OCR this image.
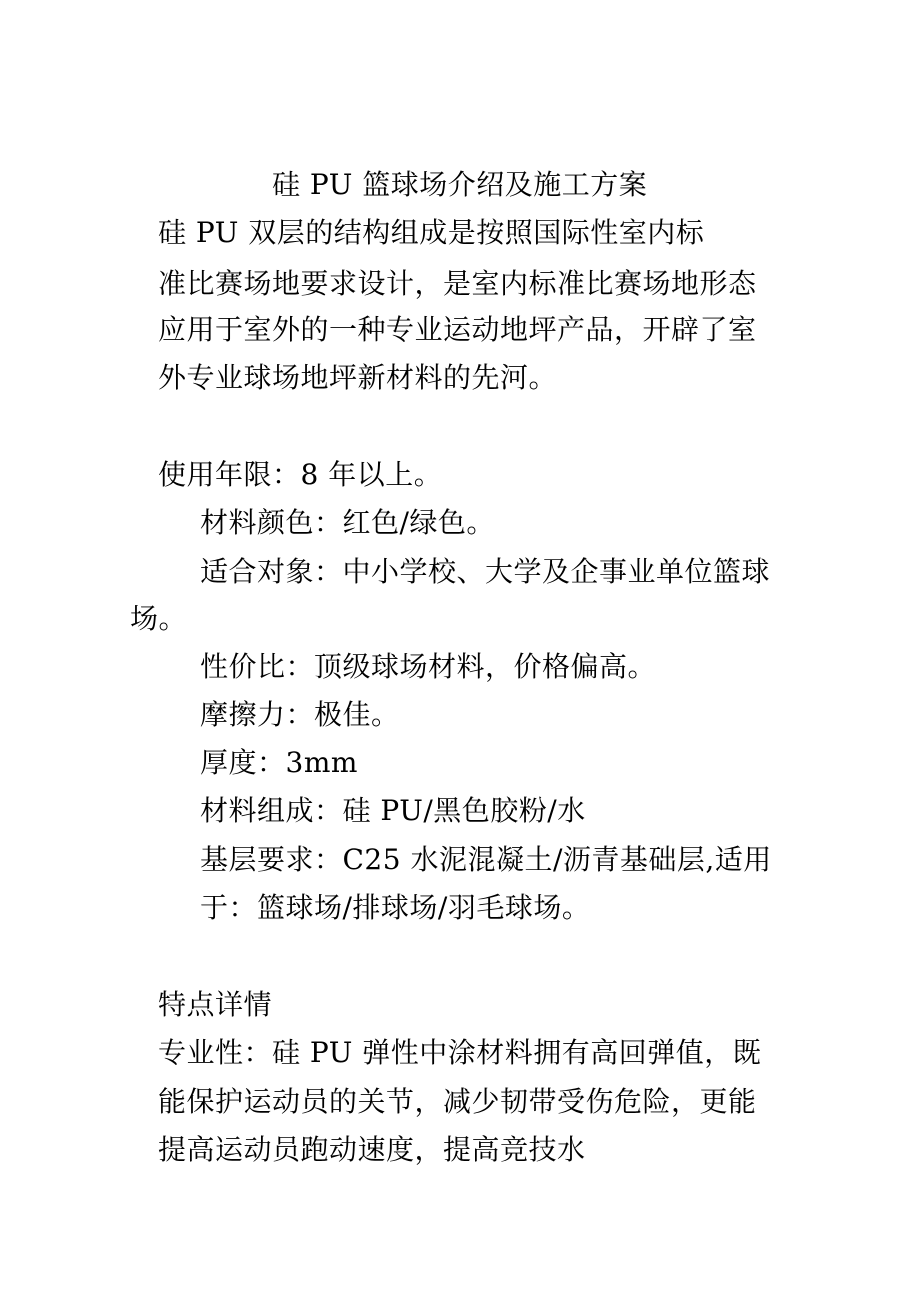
硅 PU 篮球场介绍及施工方案
硅 PU 双层的结构组成是按照国际性室内标
准比赛场地要求设计，是室内标准比赛场地形态
应用于室外的一种专业运动地坪产品，开辟了室
外专业球场地坪新材料的先河。
使用年限：8 年以上。
材料颜色：红色/绿色。
适合对象：中小学校、大学及企事业单位篮球
场。
性价比：顶级球场材料，价格偏高。
摩擦力：极佳。
厚度：3mm
材料组成：硅 PU/黑色胶粉/水
基层要求：C25 水泥混凝土/沥青基础层,适用
于：篮球场/排球场/羽毛球场。
特点详情
专业性：硅 PU 弹性中涂材料拥有高回弹值，既
能保护运动员的关节，减少韧带受伤危险，更能
提高运动员跑动速度，提高竞技水
